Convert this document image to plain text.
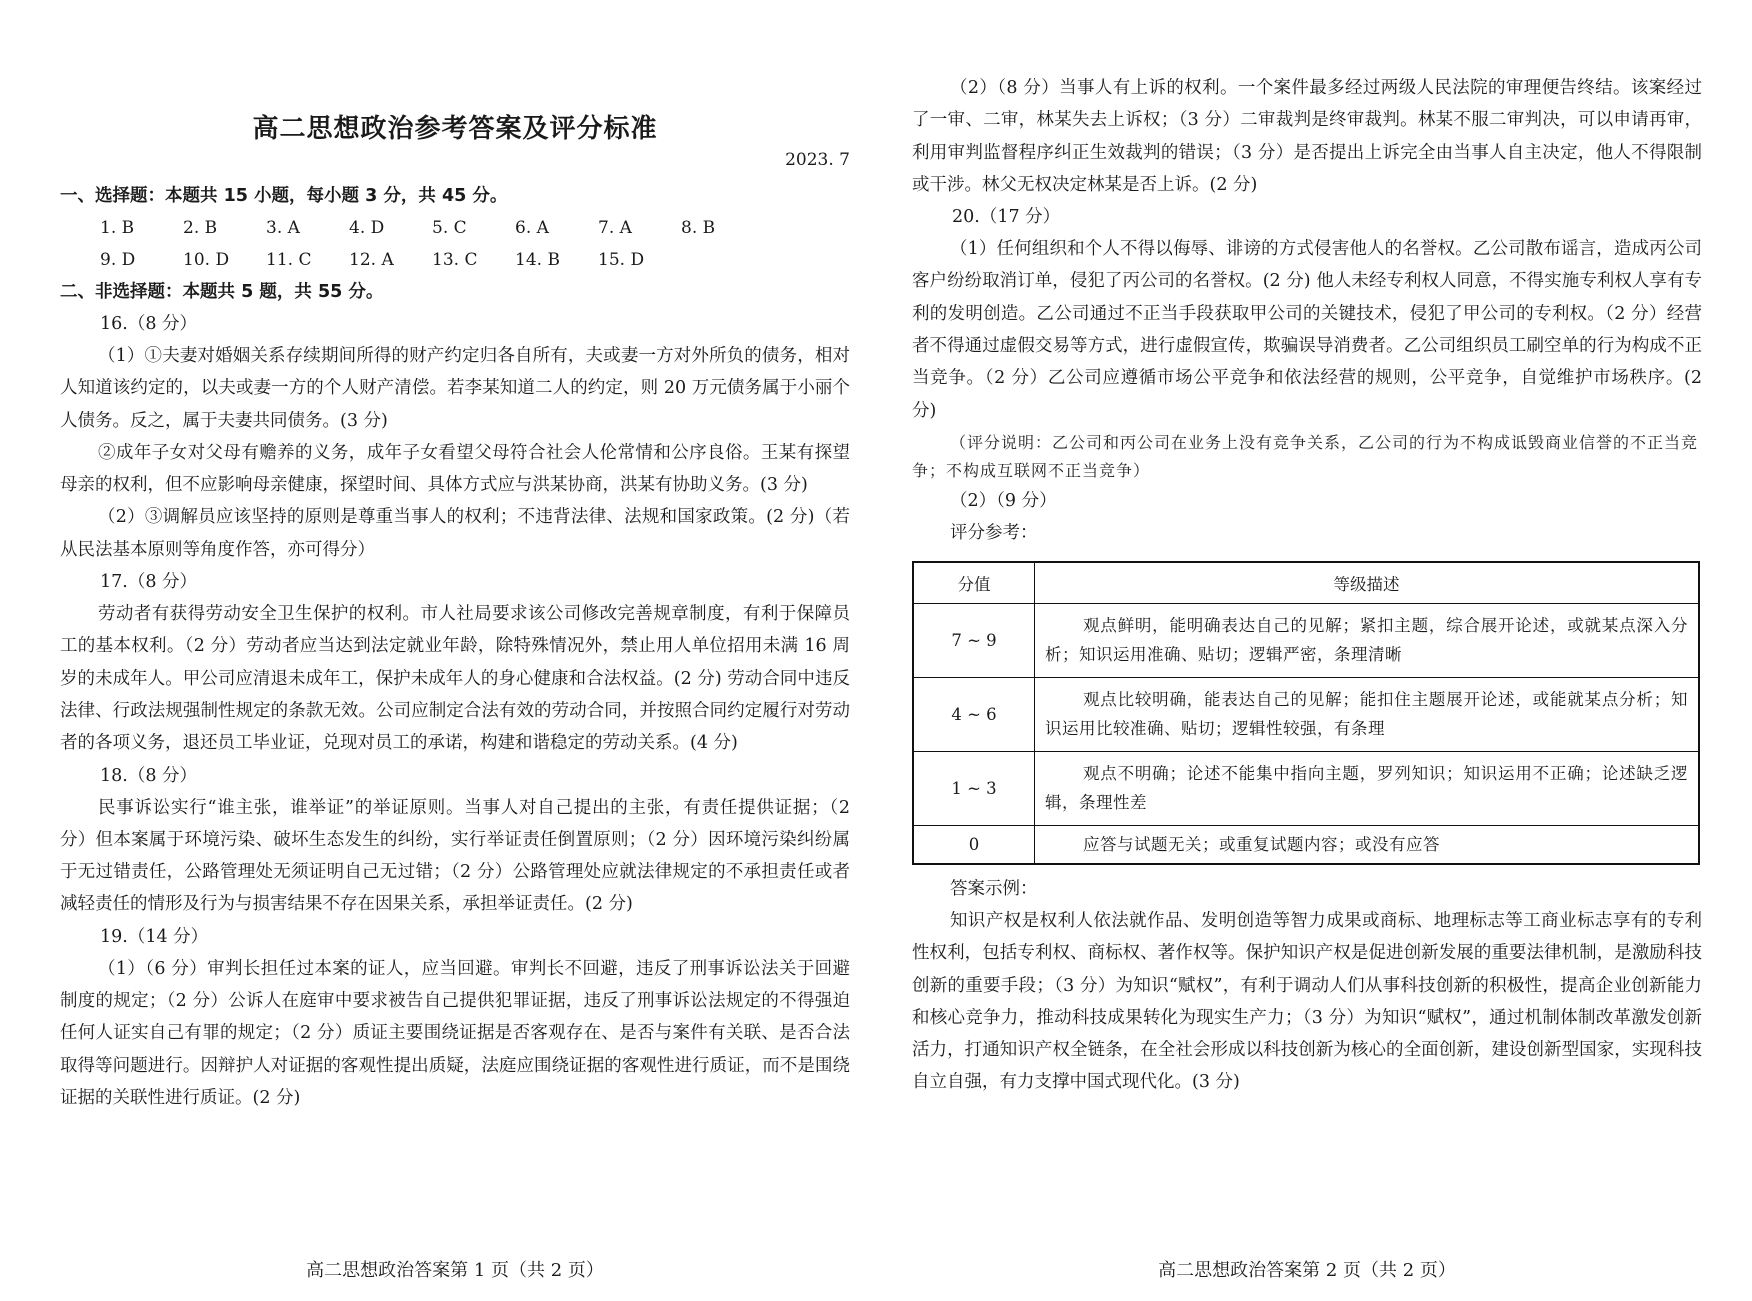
高二思想政治参考答案及评分标准
2023. 7

一、选择题：本题共 15 小题，每小题 3 分，共 45 分。

1. B	2. B	3. A	4. D	5. C	6. A	7. A	8. B

9. D	10. D 11. C 12. A 13. C 14. B 15. D

二、非选择题：本题共 5 题，共 55 分。

16.（8 分）

（1）①夫妻对婚姻关系存续期间所得的财产约定归各自所有，夫或妻一方对外所负的债务，相对人知道该约定的，以夫或妻一方的个人财产清偿。若李某知道二人的约定，则 20 万元债务属于小丽个人债务。反之，属于夫妻共同债务。(3 分)

②成年子女对父母有赡养的义务，成年子女看望父母符合社会人伦常情和公序良俗。王某有探望母亲的权利，但不应影响母亲健康，探望时间、具体方式应与洪某协商，洪某有协助义务。(3 分)

（2）③调解员应该坚持的原则是尊重当事人的权利；不违背法律、法规和国家政策。(2 分)（若从民法基本原则等角度作答，亦可得分）

17.（8 分）

劳动者有获得劳动安全卫生保护的权利。市人社局要求该公司修改完善规章制度，有利于保障员工的基本权利。（2 分）劳动者应当达到法定就业年龄，除特殊情况外，禁止用人单位招用未满 16 周岁的未成年人。甲公司应清退未成年工，保护未成年人的身心健康和合法权益。(2 分) 劳动合同中违反法律、行政法规强制性规定的条款无效。公司应制定合法有效的劳动合同，并按照合同约定履行对劳动者的各项义务，退还员工毕业证，兑现对员工的承诺，构建和谐稳定的劳动关系。(4 分)

18.（8 分）

民事诉讼实行“谁主张，谁举证”的举证原则。当事人对自己提出的主张，有责任提供证据；（2 分）但本案属于环境污染、破坏生态发生的纠纷，实行举证责任倒置原则；（2 分）因环境污染纠纷属于无过错责任，公路管理处无须证明自己无过错；（2 分）公路管理处应就法律规定的不承担责任或者减轻责任的情形及行为与损害结果不存在因果关系，承担举证责任。(2 分)

19.（14 分）

（1）（6 分）审判长担任过本案的证人，应当回避。审判长不回避，违反了刑事诉讼法关于回避制度的规定；（2 分）公诉人在庭审中要求被告自己提供犯罪证据，违反了刑事诉讼法规定的不得强迫任何人证实自己有罪的规定；（2 分）质证主要围绕证据是否客观存在、是否与案件有关联、是否合法取得等问题进行。因辩护人对证据的客观性提出质疑，法庭应围绕证据的客观性进行质证，而不是围绕证据的关联性进行质证。(2 分)

高二思想政治答案第 1 页（共 2 页）

（2）（8 分）当事人有上诉的权利。一个案件最多经过两级人民法院的审理便告终结。该案经过了一审、二审，林某失去上诉权；（3 分）二审裁判是终审裁判。林某不服二审判决，可以申请再审，利用审判监督程序纠正生效裁判的错误；（3 分）是否提出上诉完全由当事人自主决定，他人不得限制或干涉。林父无权决定林某是否上诉。(2 分)

20.（17 分）

（1）任何组织和个人不得以侮辱、诽谤的方式侵害他人的名誉权。乙公司散布谣言，造成丙公司客户纷纷取消订单，侵犯了丙公司的名誉权。(2 分) 他人未经专利权人同意，不得实施专利权人享有专利的发明创造。乙公司通过不正当手段获取甲公司的关键技术，侵犯了甲公司的专利权。（2 分）经营者不得通过虚假交易等方式，进行虚假宣传，欺骗误导消费者。乙公司组织员工刷空单的行为构成不正当竞争。（2 分）乙公司应遵循市场公平竞争和依法经营的规则，公平竞争，自觉维护市场秩序。(2 分)

（评分说明：乙公司和丙公司在业务上没有竞争关系，乙公司的行为不构成诋毁商业信誉的不正当竞争；不构成互联网不正当竞争）

（2）（9 分）

评分参考：

分值	等级描述
7 ~ 9	观点鲜明，能明确表达自己的见解；紧扣主题，综合展开论述，或就某点深入分析；知识运用准确、贴切；逻辑严密，条理清晰
4 ~ 6	观点比较明确，能表达自己的见解；能扣住主题展开论述，或能就某点分析；知识运用比较准确、贴切；逻辑性较强，有条理
1 ~ 3	观点不明确；论述不能集中指向主题，罗列知识；知识运用不正确；论述缺乏逻辑，条理性差
0	应答与试题无关；或重复试题内容；或没有应答

答案示例：

知识产权是权利人依法就作品、发明创造等智力成果或商标、地理标志等工商业标志享有的专利性权利，包括专利权、商标权、著作权等。保护知识产权是促进创新发展的重要法律机制，是激励科技创新的重要手段；（3 分）为知识“赋权”，有利于调动人们从事科技创新的积极性，提高企业创新能力和核心竞争力，推动科技成果转化为现实生产力；（3 分）为知识“赋权”，通过机制体制改革激发创新活力，打通知识产权全链条，在全社会形成以科技创新为核心的全面创新，建设创新型国家，实现科技自立自强，有力支撑中国式现代化。(3 分)

高二思想政治答案第 2 页（共 2 页）
